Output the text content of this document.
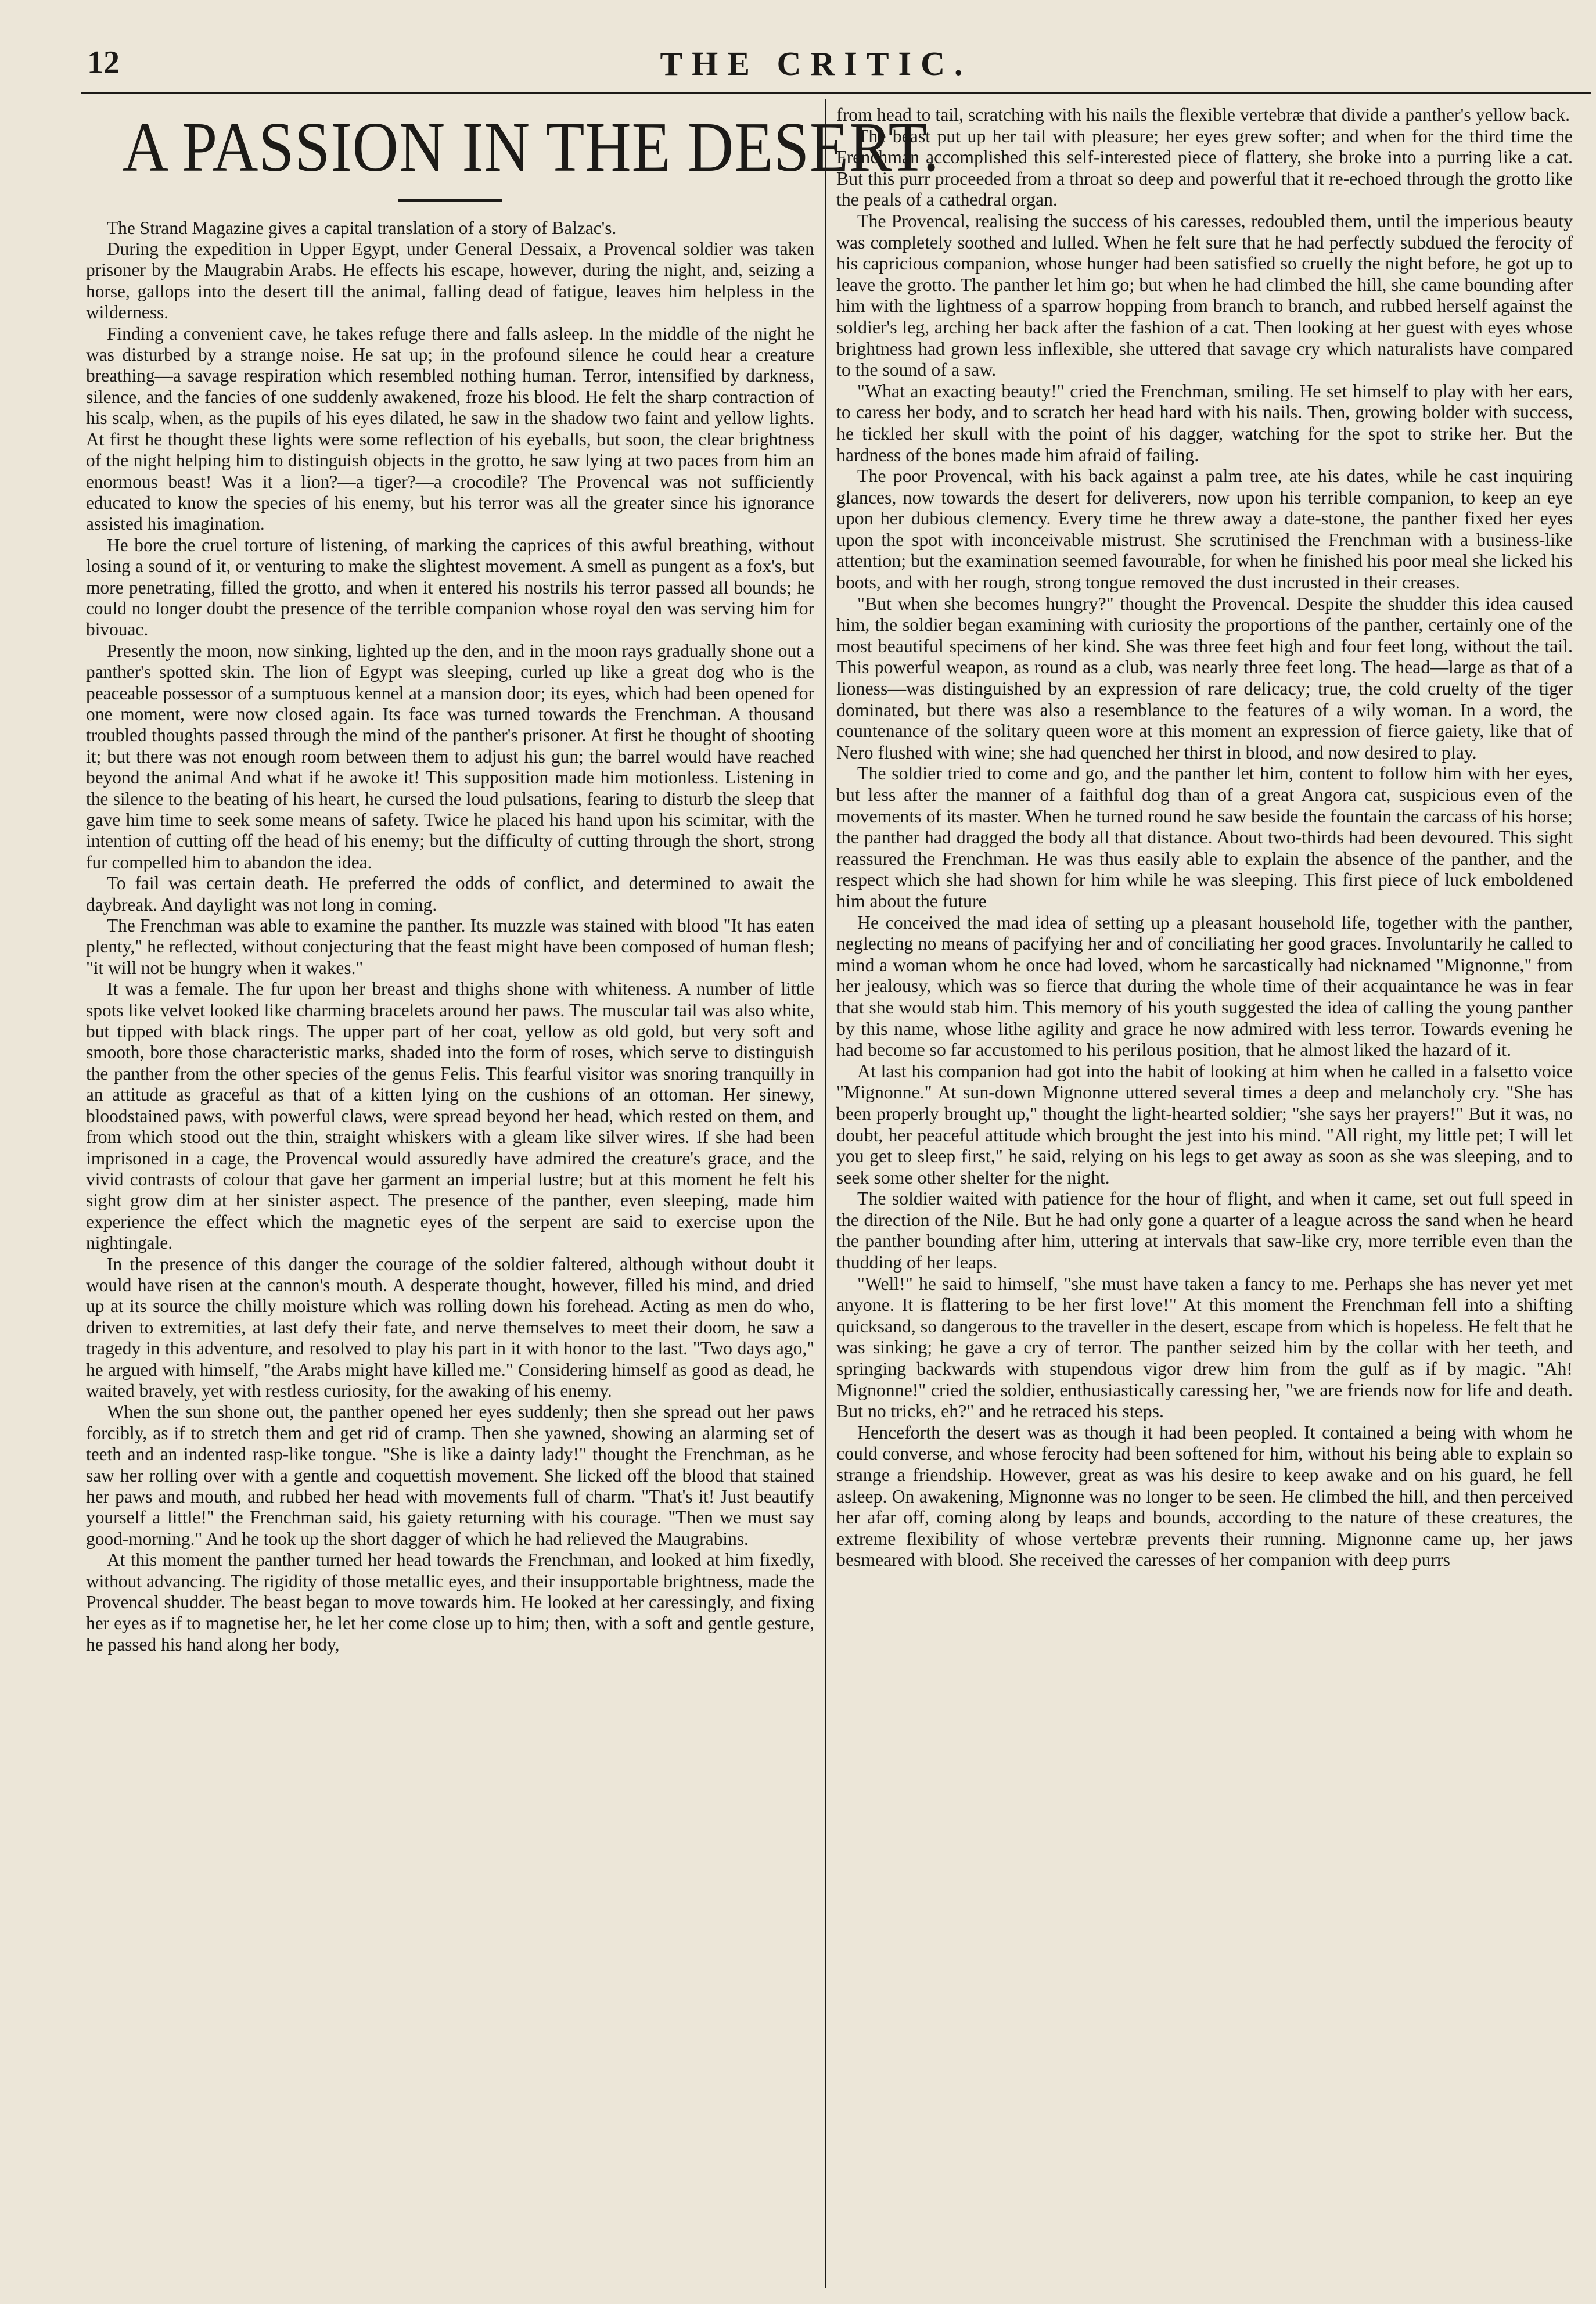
12	THE CRITIC.
A PASSION IN THE DESERT.

The Strand Magazine gives a capital translation of a story of Balzac's.

During the expedition in Upper Egypt, under General Dessaix, a Provencal soldier was taken prisoner by the Maugrabin Arabs. He effects his escape, however, during the night, and, seizing a horse, gallops into the desert till the animal, falling dead of fatigue, leaves him helpless in the wilderness.

Finding a convenient cave, he takes refuge there and falls asleep. In the middle of the night he was disturbed by a strange noise. He sat up; in the profound silence he could hear a creature breathing—a savage respiration which resembled nothing human. Terror, intensified by darkness, silence, and the fancies of one suddenly awakened, froze his blood. He felt the sharp contraction of his scalp, when, as the pupils of his eyes dilated, he saw in the shadow two faint and yellow lights. At first he thought these lights were some reflection of his eyeballs, but soon, the clear brightness of the night helping him to distinguish objects in the grotto, he saw lying at two paces from him an enormous beast! Was it a lion?—a tiger?—a crocodile? The Provencal was not sufficiently educated to know the species of his enemy, but his terror was all the greater since his ignorance assisted his imagination.

He bore the cruel torture of listening, of marking the caprices of this awful breathing, without losing a sound of it, or venturing to make the slightest movement. A smell as pungent as a fox's, but more penetrating, filled the grotto, and when it entered his nostrils his terror passed all bounds; he could no longer doubt the presence of the terrible companion whose royal den was serving him for bivouac.

Presently the moon, now sinking, lighted up the den, and in the moon rays gradually shone out a panther's spotted skin. The lion of Egypt was sleeping, curled up like a great dog who is the peaceable possessor of a sumptuous kennel at a mansion door; its eyes, which had been opened for one moment, were now closed again. Its face was turned towards the Frenchman. A thousand troubled thoughts passed through the mind of the panther's prisoner. At first he thought of shooting it; but there was not enough room between them to adjust his gun; the barrel would have reached beyond the animal And what if he awoke it! This supposition made him motionless. Listening in the silence to the beating of his heart, he cursed the loud pulsations, fearing to disturb the sleep that gave him time to seek some means of safety. Twice he placed his hand upon his scimitar, with the intention of cutting off the head of his enemy; but the difficulty of cutting through the short, strong fur compelled him to abandon the idea.

To fail was certain death. He preferred the odds of conflict, and determined to await the daybreak. And daylight was not long in coming.

The Frenchman was able to examine the panther. Its muzzle was stained with blood "It has eaten plenty," he reflected, without conjecturing that the feast might have been composed of human flesh; "it will not be hungry when it wakes."

It was a female. The fur upon her breast and thighs shone with whiteness. A number of little spots like velvet looked like charming bracelets around her paws. The muscular tail was also white, but tipped with black rings. The upper part of her coat, yellow as old gold, but very soft and smooth, bore those characteristic marks, shaded into the form of roses, which serve to distinguish the panther from the other species of the genus Felis. This fearful visitor was snoring tranquilly in an attitude as graceful as that of a kitten lying on the cushions of an ottoman. Her sinewy, bloodstained paws, with powerful claws, were spread beyond her head, which rested on them, and from which stood out the thin, straight whiskers with a gleam like silver wires. If she had been imprisoned in a cage, the Provencal would assuredly have admired the creature's grace, and the vivid contrasts of colour that gave her garment an imperial lustre; but at this moment he felt his sight grow dim at her sinister aspect. The presence of the panther, even sleeping, made him experience the effect which the magnetic eyes of the serpent are said to exercise upon the nightingale.

In the presence of this danger the courage of the soldier faltered, although without doubt it would have risen at the cannon's mouth. A desperate thought, however, filled his mind, and dried up at its source the chilly moisture which was rolling down his forehead. Acting as men do who, driven to extremities, at last defy their fate, and nerve themselves to meet their doom, he saw a tragedy in this adventure, and resolved to play his part in it with honor to the last. "Two days ago," he argued with himself, "the Arabs might have killed me." Considering himself as good as dead, he waited bravely, yet with restless curiosity, for the awaking of his enemy.

When the sun shone out, the panther opened her eyes suddenly; then she spread out her paws forcibly, as if to stretch them and get rid of cramp. Then she yawned, showing an alarming set of teeth and an indented rasp-like tongue. "She is like a dainty lady!" thought the Frenchman, as he saw her rolling over with a gentle and coquettish movement. She licked off the blood that stained her paws and mouth, and rubbed her head with movements full of charm. "That's it! Just beautify yourself a little!" the Frenchman said, his gaiety returning with his courage. "Then we must say good-morning." And he took up the short dagger of which he had relieved the Maugrabins.

At this moment the panther turned her head towards the Frenchman, and looked at him fixedly, without advancing. The rigidity of those metallic eyes, and their insupportable brightness, made the Provencal shudder. The beast began to move towards him. He looked at her caressingly, and fixing her eyes as if to magnetise her, he let her come close up to him; then, with a soft and gentle gesture, he passed his hand along her body,

from head to tail, scratching with his nails the flexible vertebræ that divide a panther's yellow back.

The beast put up her tail with pleasure; her eyes grew softer; and when for the third time the Frenchman accomplished this self-interested piece of flattery, she broke into a purring like a cat. But this purr proceeded from a throat so deep and powerful that it re-echoed through the grotto like the peals of a cathedral organ.

The Provencal, realising the success of his caresses, redoubled them, until the imperious beauty was completely soothed and lulled. When he felt sure that he had perfectly subdued the ferocity of his capricious companion, whose hunger had been satisfied so cruelly the night before, he got up to leave the grotto. The panther let him go; but when he had climbed the hill, she came bounding after him with the lightness of a sparrow hopping from branch to branch, and rubbed herself against the soldier's leg, arching her back after the fashion of a cat. Then looking at her guest with eyes whose brightness had grown less inflexible, she uttered that savage cry which naturalists have compared to the sound of a saw.

"What an exacting beauty!" cried the Frenchman, smiling. He set himself to play with her ears, to caress her body, and to scratch her head hard with his nails. Then, growing bolder with success, he tickled her skull with the point of his dagger, watching for the spot to strike her. But the hardness of the bones made him afraid of failing.

The poor Provencal, with his back against a palm tree, ate his dates, while he cast inquiring glances, now towards the desert for deliverers, now upon his terrible companion, to keep an eye upon her dubious clemency. Every time he threw away a date-stone, the panther fixed her eyes upon the spot with inconceivable mistrust. She scrutinised the Frenchman with a business-like attention; but the examination seemed favourable, for when he finished his poor meal she licked his boots, and with her rough, strong tongue removed the dust incrusted in their creases.

"But when she becomes hungry?" thought the Provencal. Despite the shudder this idea caused him, the soldier began examining with curiosity the proportions of the panther, certainly one of the most beautiful specimens of her kind. She was three feet high and four feet long, without the tail. This powerful weapon, as round as a club, was nearly three feet long. The head—large as that of a lioness—was distinguished by an expression of rare delicacy; true, the cold cruelty of the tiger dominated, but there was also a resemblance to the features of a wily woman. In a word, the countenance of the solitary queen wore at this moment an expression of fierce gaiety, like that of Nero flushed with wine; she had quenched her thirst in blood, and now desired to play.

The soldier tried to come and go, and the panther let him, content to follow him with her eyes, but less after the manner of a faithful dog than of a great Angora cat, suspicious even of the movements of its master. When he turned round he saw beside the fountain the carcass of his horse; the panther had dragged the body all that distance. About two-thirds had been devoured. This sight reassured the Frenchman. He was thus easily able to explain the absence of the panther, and the respect which she had shown for him while he was sleeping. This first piece of luck emboldened him about the future

He conceived the mad idea of setting up a pleasant household life, together with the panther, neglecting no means of pacifying her and of conciliating her good graces. Involuntarily he called to mind a woman whom he once had loved, whom he sarcastically had nicknamed "Mignonne," from her jealousy, which was so fierce that during the whole time of their acquaintance he was in fear that she would stab him. This memory of his youth suggested the idea of calling the young panther by this name, whose lithe agility and grace he now admired with less terror. Towards evening he had become so far accustomed to his perilous position, that he almost liked the hazard of it.

At last his companion had got into the habit of looking at him when he called in a falsetto voice "Mignonne." At sun-down Mignonne uttered several times a deep and melancholy cry. "She has been properly brought up," thought the light-hearted soldier; "she says her prayers!" But it was, no doubt, her peaceful attitude which brought the jest into his mind. "All right, my little pet; I will let you get to sleep first," he said, relying on his legs to get away as soon as she was sleeping, and to seek some other shelter for the night.

The soldier waited with patience for the hour of flight, and when it came, set out full speed in the direction of the Nile. But he had only gone a quarter of a league across the sand when he heard the panther bounding after him, uttering at intervals that saw-like cry, more terrible even than the thudding of her leaps.

"Well!" he said to himself, "she must have taken a fancy to me. Perhaps she has never yet met anyone. It is flattering to be her first love!" At this moment the Frenchman fell into a shifting quicksand, so dangerous to the traveller in the desert, escape from which is hopeless. He felt that he was sinking; he gave a cry of terror. The panther seized him by the collar with her teeth, and springing backwards with stupendous vigor drew him from the gulf as if by magic. "Ah! Mignonne!" cried the soldier, enthusiastically caressing her, "we are friends now for life and death. But no tricks, eh?" and he retraced his steps.

Henceforth the desert was as though it had been peopled. It contained a being with whom he could converse, and whose ferocity had been softened for him, without his being able to explain so strange a friendship. However, great as was his desire to keep awake and on his guard, he fell asleep. On awakening, Mignonne was no longer to be seen. He climbed the hill, and then perceived her afar off, coming along by leaps and bounds, according to the nature of these creatures, the extreme flexibility of whose vertebræ prevents their running. Mignonne came up, her jaws besmeared with blood. She received the caresses of her companion with deep purrs
